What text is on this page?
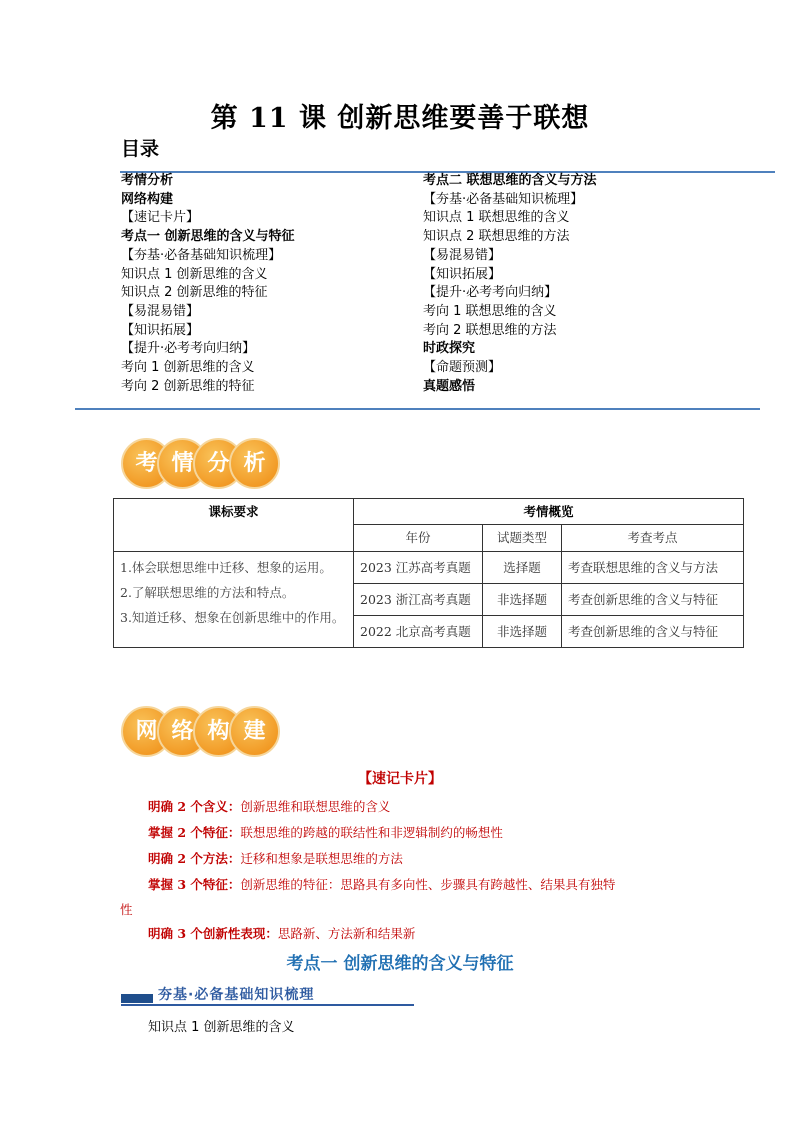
第 11 课 创新思维要善于联想
目录
考情分析
网络构建
【速记卡片】
考点一 创新思维的含义与特征
【夯基·必备基础知识梳理】
知识点 1 创新思维的含义
知识点 2 创新思维的特征
【易混易错】
【知识拓展】
【提升·必考考向归纳】
考向 1 创新思维的含义
考向 2 创新思维的特征
考点二 联想思维的含义与方法
【夯基·必备基础知识梳理】
知识点 1 联想思维的含义
知识点 2 联想思维的方法
【易混易错】
【知识拓展】
【提升·必考考向归纳】
考向 1 联想思维的含义
考向 2 联想思维的方法
时政探究
【命题预测】
真题感悟
考 情 分 析
课标要求	考情概览		
	年份	试题类型	考查考点

1.体会联想思维中迁移、想象的运用。
2.了解联想思维的方法和特点。
3.知道迁移、想象在创新思维中的作用。	2023 江苏高考真题	选择题	考查联想思维的含义与方法
	2023 浙江高考真题	非选择题	考查创新思维的含义与特征
	2022 北京高考真题	非选择题	考查创新思维的含义与特征
网 络 构 建
【速记卡片】
明确 2 个含义：创新思维和联想思维的含义
掌握 2 个特征：联想思维的跨越的联结性和非逻辑制约的畅想性
明确 2 个方法：迁移和想象是联想思维的方法
掌握 3 个特征：创新思维的特征：思路具有多向性、步骤具有跨越性、结果具有独特
性
明确 3 个创新性表现：思路新、方法新和结果新
考点一 创新思维的含义与特征
夯基·必备基础知识梳理
知识点 1 创新思维的含义
